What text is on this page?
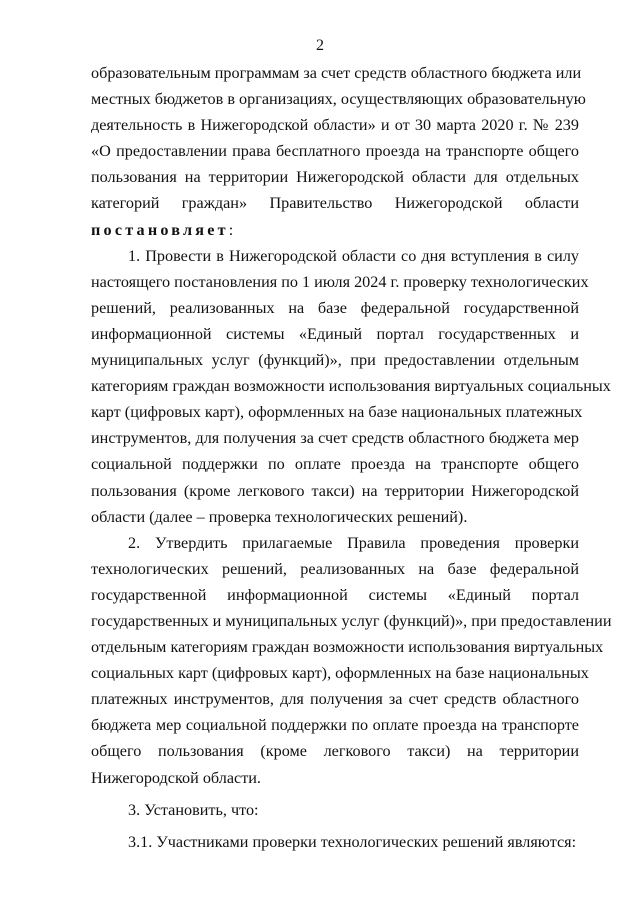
2
образовательным программам за счет средств областного бюджета или
местных бюджетов в организациях, осуществляющих образовательную
деятельность в Нижегородской области» и от 30 марта 2020 г. № 239
«О предоставлении права бесплатного проезда на транспорте общего
пользования на территории Нижегородской области для отдельных
категорий граждан» Правительство Нижегородской области
постановляет:
1. Провести в Нижегородской области со дня вступления в силу
настоящего постановления по 1 июля 2024 г. проверку технологических
решений, реализованных на базе федеральной государственной
информационной системы «Единый портал государственных и
муниципальных услуг (функций)», при предоставлении отдельным
категориям граждан возможности использования виртуальных социальных
карт (цифровых карт), оформленных на базе национальных платежных
инструментов, для получения за счет средств областного бюджета мер
социальной поддержки по оплате проезда на транспорте общего
пользования (кроме легкового такси) на территории Нижегородской
области (далее – проверка технологических решений).
2. Утвердить прилагаемые Правила проведения проверки
технологических решений, реализованных на базе федеральной
государственной информационной системы «Единый портал
государственных и муниципальных услуг (функций)», при предоставлении
отдельным категориям граждан возможности использования виртуальных
социальных карт (цифровых карт), оформленных на базе национальных
платежных инструментов, для получения за счет средств областного
бюджета мер социальной поддержки по оплате проезда на транспорте
общего пользования (кроме легкового такси) на территории
Нижегородской области.
3. Установить, что:
3.1. Участниками проверки технологических решений являются:
